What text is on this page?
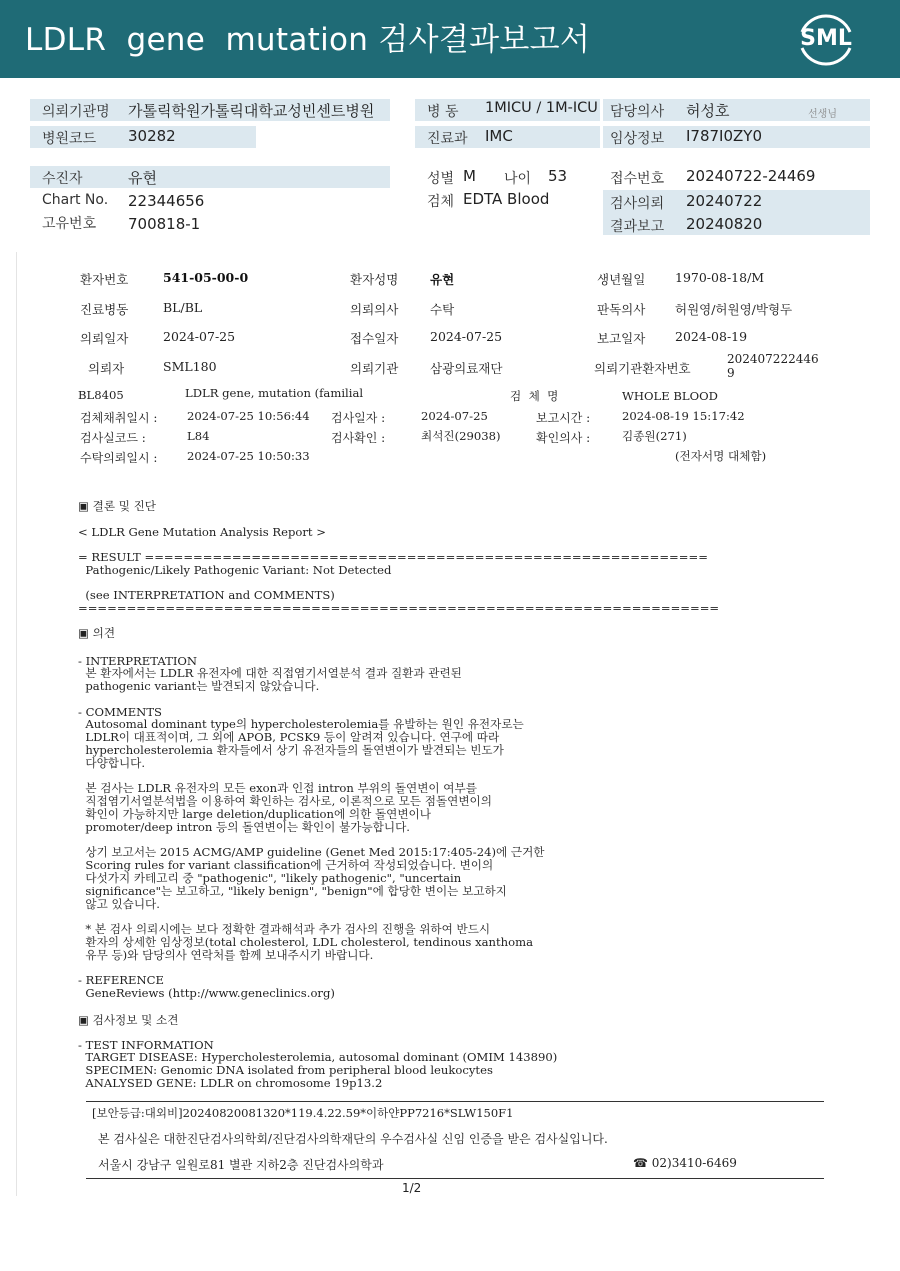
LDLR  gene  mutation 검사결과보고서	SML
의뢰기관명 가톨릭학원가톨릭대학교성빈센트병원	병 동 1MICU / 1M-ICU 담당의사 허성호	선생님
병원코드 30282	진료과 IMC	임상정보 I787I0ZY0
수진자	유현	성별 M 나이 53	접수번호 20240722-24469
Chart No. 22344656	검체 EDTA Blood	검사의뢰 20240722
고유번호 700818-1	결과보고 20240820
환자번호	541-05-00-0	환자성명	유현	생년월일 1970-08-18/M
진료병동	BL/BL	의뢰의사	수탁	판독의사 허원영/허원영/박형두
의뢰일자	2024-07-25	접수일자	2024-07-25	보고일자 2024-08-19
의뢰자	SML180	의뢰기관	삼광의료재단	의뢰기관환자번호
202407222446
9
BL8405	LDLR gene, mutation (familial	검  체  명	WHOLE BLOOD
검체채취일시 :	2024-07-25 10:56:44 검사일자 :	2024-07-25	보고시간 :	2024-08-19 15:17:42
검사실코드 :	L84	검사확인 :	최석진(29038)	확인의사 :	김종원(271)
수탁의뢰일시 :	2024-07-25 10:50:33	(전자서명 대체함)
▣ 결론 및 진단
< LDLR Gene Mutation Analysis Report >
= RESULT ==========================================================
Pathogenic/Likely Pathogenic Variant: Not Detected
(see INTERPRETATION and COMMENTS)
==================================================================
▣ 의견
- INTERPRETATION
본 환자에서는 LDLR 유전자에 대한 직접염기서열분석 결과 질환과 관련된
pathogenic variant는 발견되지 않았습니다.
- COMMENTS
Autosomal dominant type의 hypercholesterolemia를 유발하는 원인 유전자로는
LDLR이 대표적이며, 그 외에 APOB, PCSK9 등이 알려져 있습니다. 연구에 따라
hypercholesterolemia 환자들에서 상기 유전자들의 돌연변이가 발견되는 빈도가
다양합니다.
본 검사는 LDLR 유전자의 모든 exon과 인접 intron 부위의 돌연변이 여부를
직접염기서열분석법을 이용하여 확인하는 검사로, 이론적으로 모든 점돌연변이의
확인이 가능하지만 large deletion/duplication에 의한 돌연변이나
promoter/deep intron 등의 돌연변이는 확인이 불가능합니다.
상기 보고서는 2015 ACMG/AMP guideline (Genet Med 2015:17:405-24)에 근거한
Scoring rules for variant classification에 근거하여 작성되었습니다. 변이의
다섯가지 카테고리 중 "pathogenic", "likely pathogenic", "uncertain
significance"는 보고하고, "likely benign", "benign"에 합당한 변이는 보고하지
않고 있습니다.
* 본 검사 의뢰시에는 보다 정확한 결과해석과 추가 검사의 진행을 위하여 반드시
환자의 상세한 임상정보(total cholesterol, LDL cholesterol, tendinous xanthoma
유무 등)와 담당의사 연락처를 함께 보내주시기 바랍니다.
- REFERENCE
GeneReviews (http://www.geneclinics.org)
▣ 검사정보 및 소견
- TEST INFORMATION
TARGET DISEASE: Hypercholesterolemia, autosomal dominant (OMIM 143890)
SPECIMEN: Genomic DNA isolated from peripheral blood leukocytes
ANALYSED GENE: LDLR on chromosome 19p13.2
[보안등급:대외비]20240820081320*119.4.22.59*이하얀PP7216*SLW150F1
본 검사실은 대한진단검사의학회/진단검사의학재단의 우수검사실 신임 인증을 받은 검사실입니다.
서울시 강남구 일원로81 별관 지하2층 진단검사의학과	☎ 02)3410-6469
1/2
